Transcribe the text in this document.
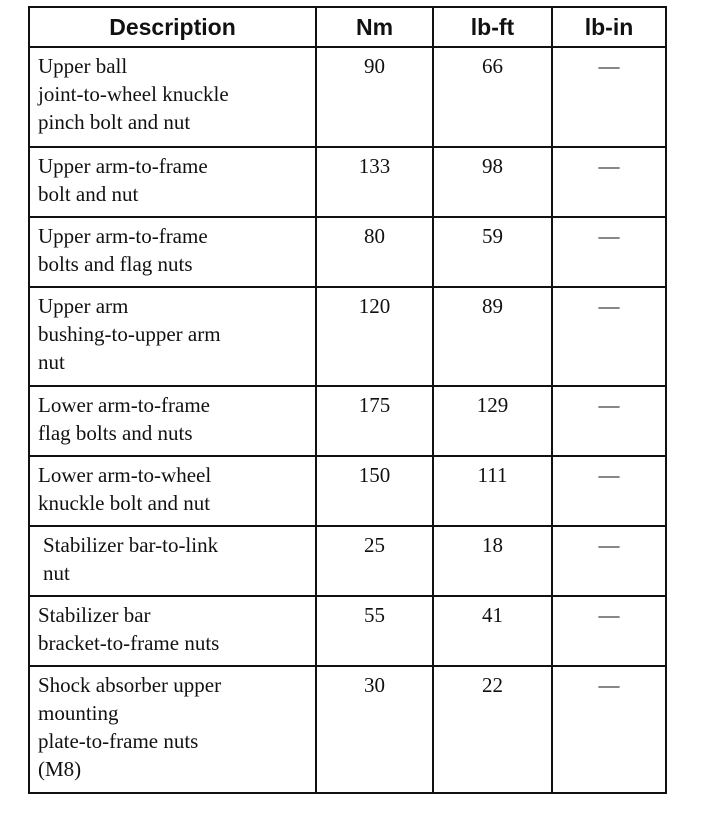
Description	Nm	lb-ft	lb-in

Upper ball
joint-to-wheel knuckle
pinch bolt and nut	90	66	—

Upper arm-to-frame
bolt and nut	133	98	—

Upper arm-to-frame
bolts and flag nuts	80	59	—

Upper arm
bushing-to-upper arm
nut	120	89	—

Lower arm-to-frame
flag bolts and nuts	175	129	—

Lower arm-to-wheel
knuckle bolt and nut	150	111	—

Stabilizer bar-to-link
nut	25	18	—

Stabilizer bar
bracket-to-frame nuts	55	41	—

Shock absorber upper
mounting
plate-to-frame nuts
(M8)	30	22	—
